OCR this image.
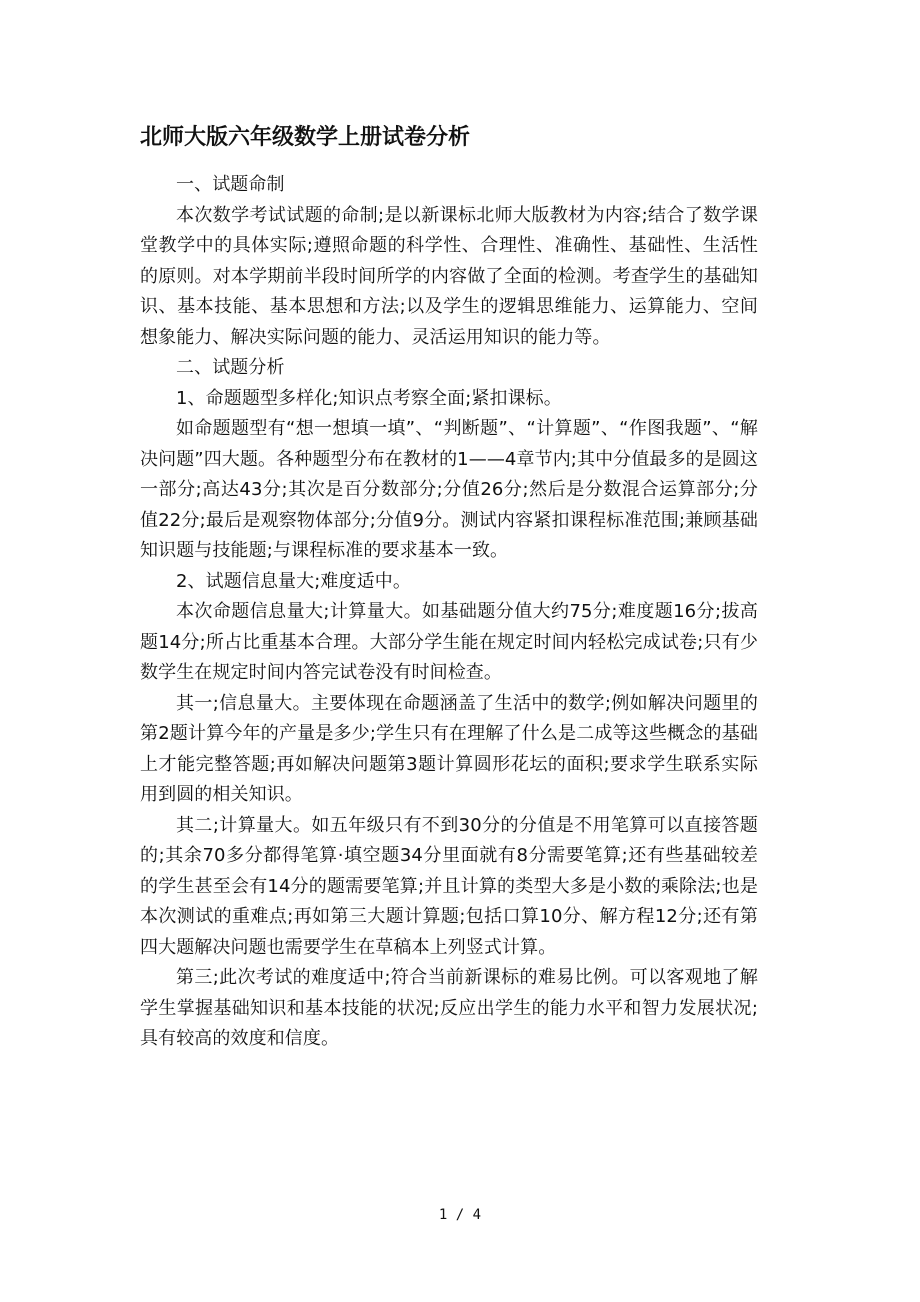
北师大版六年级数学上册试卷分析

一、试题命制

本次数学考试试题的命制;是以新课标北师大版教材为内容;结合了数学课堂教学中的具体实际;遵照命题的科学性、合理性、准确性、基础性、生活性的原则。对本学期前半段时间所学的内容做了全面的检测。考查学生的基础知识、基本技能、基本思想和方法;以及学生的逻辑思维能力、运算能力、空间想象能力、解决实际问题的能力、灵活运用知识的能力等。

二、试题分析

1、命题题型多样化;知识点考察全面;紧扣课标。

如命题题型有“想一想填一填”、“判断题”、“计算题”、“作图我题”、“解决问题”四大题。各种题型分布在教材的1——4章节内;其中分值最多的是圆这一部分;高达43分;其次是百分数部分;分值26分;然后是分数混合运算部分;分值22分;最后是观察物体部分;分值9分。测试内容紧扣课程标准范围;兼顾基础知识题与技能题;与课程标准的要求基本一致。

2、试题信息量大;难度适中。

本次命题信息量大;计算量大。如基础题分值大约75分;难度题16分;拔高题14分;所占比重基本合理。大部分学生能在规定时间内轻松完成试卷;只有少数学生在规定时间内答完试卷没有时间检查。

其一;信息量大。主要体现在命题涵盖了生活中的数学;例如解决问题里的第2题计算今年的产量是多少;学生只有在理解了什么是二成等这些概念的基础上才能完整答题;再如解决问题第3题计算圆形花坛的面积;要求学生联系实际用到圆的相关知识。

其二;计算量大。如五年级只有不到30分的分值是不用笔算可以直接答题的;其余70多分都得笔算·填空题34分里面就有8分需要笔算;还有些基础较差的学生甚至会有14分的题需要笔算;并且计算的类型大多是小数的乘除法;也是本次测试的重难点;再如第三大题计算题;包括口算10分、解方程12分;还有第四大题解决问题也需要学生在草稿本上列竖式计算。

第三;此次考试的难度适中;符合当前新课标的难易比例。可以客观地了解学生掌握基础知识和基本技能的状况;反应出学生的能力水平和智力发展状况;具有较高的效度和信度。

1 / 4
